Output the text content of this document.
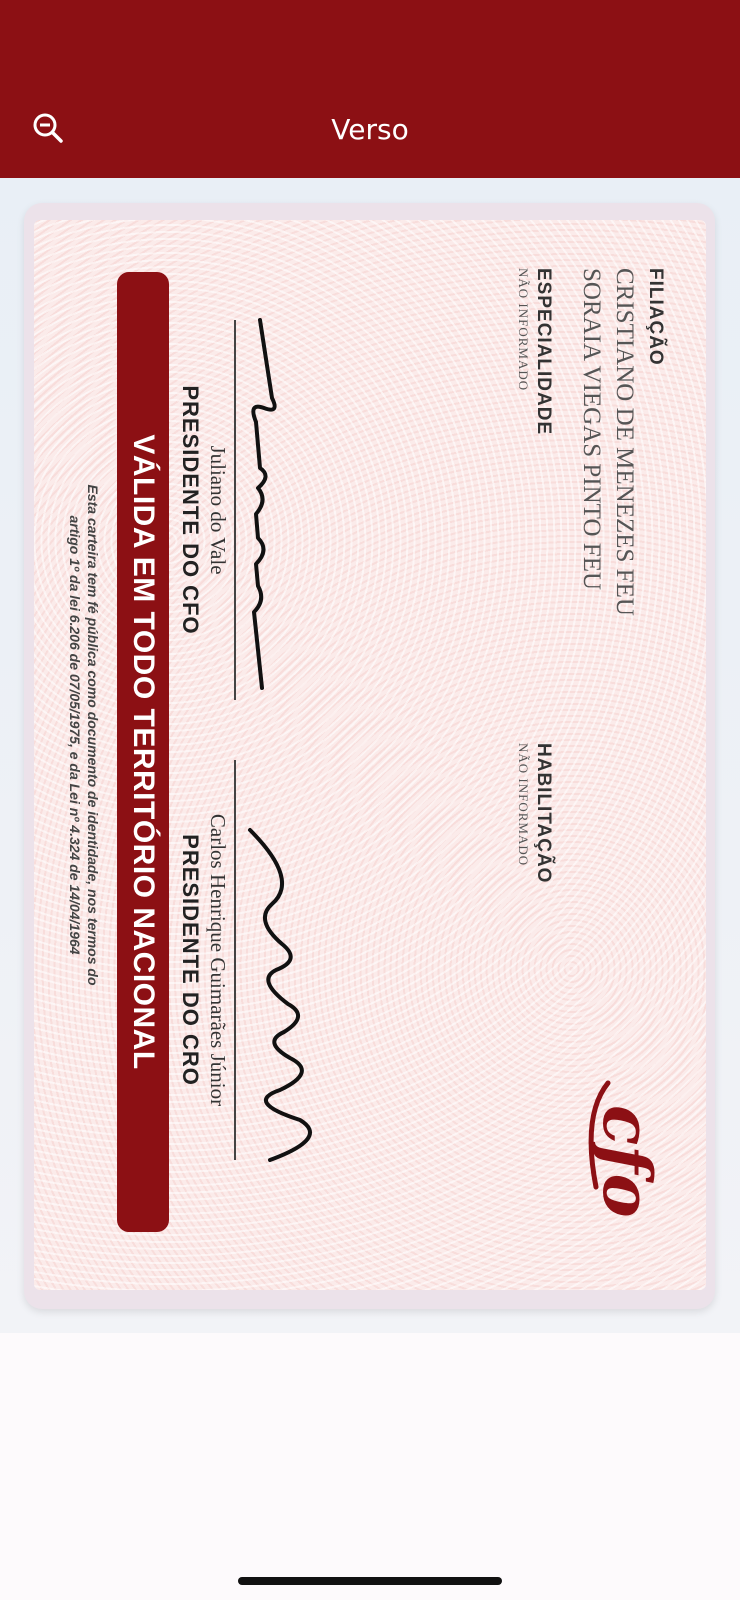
Verso
FILIAÇÃO
CRISTIANO DE MENEZES FEU
SORAIA VIEGAS PINTO FEU
ESPECIALIDADE
NÃO INFORMADO
HABILITAÇÃO
NÃO INFORMADO
cfo
Juliano do Vale
PRESIDENTE DO CFO
Carlos Henrique Guimarães Júnior
PRESIDENTE DO CRO
VÁLIDA EM TODO TERRITÓRIO NACIONAL
Esta carteira tem fé pública como documento de identidade, nos termos do
artigo 1º da lei 6.206 de 07/05/1975, e da Lei nº 4.324 de 14/04/1964
